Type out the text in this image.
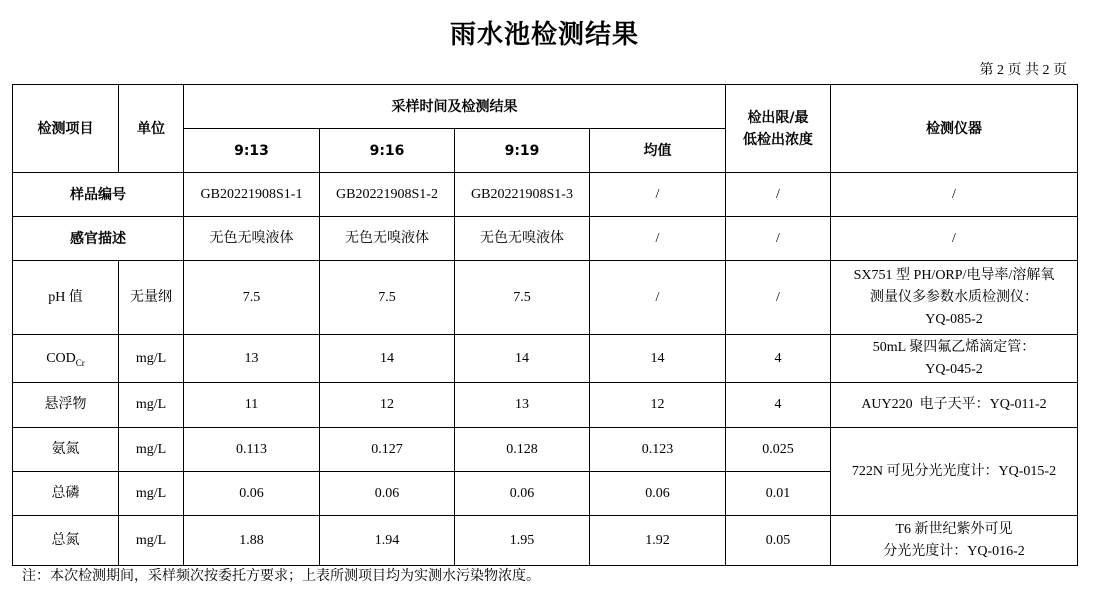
雨水池检测结果
第 2 页 共 2 页
检测项目	单位	采样时间及检测结果				检出限/最
低检出浓度	检测仪器
		9:13	9:16	9:19	均值		
样品编号		GB20221908S1-1	GB20221908S1-2	GB20221908S1-3	/	/	/

感官描述		无色无嗅液体	无色无嗅液体	无色无嗅液体	/	/	/

pH 值	无量纲	7.5	7.5	7.5	/	/	SX751 型 PH/ORP/电导率/溶解氧
测量仪多参数水质检测仪：
YQ-085-2

$COD_{Cr}$	mg/L	13	14	14	14	4	50mL 聚四氟乙烯滴定管：
YQ-045-2

悬浮物	mg/L	11	12	13	12	4	AUY220  电子天平：YQ-011-2

氨氮	mg/L	0.113	0.127	0.128	0.123	0.025	722N 可见分光光度计：YQ-015-2

总磷	mg/L	0.06	0.06	0.06	0.06	0.01	
总氮	mg/L	1.88	1.94	1.95	1.92	0.05	T6 新世纪紫外可见
分光光度计：YQ-016-2
注：本次检测期间，采样频次按委托方要求；上表所测项目均为实测水污染物浓度。
